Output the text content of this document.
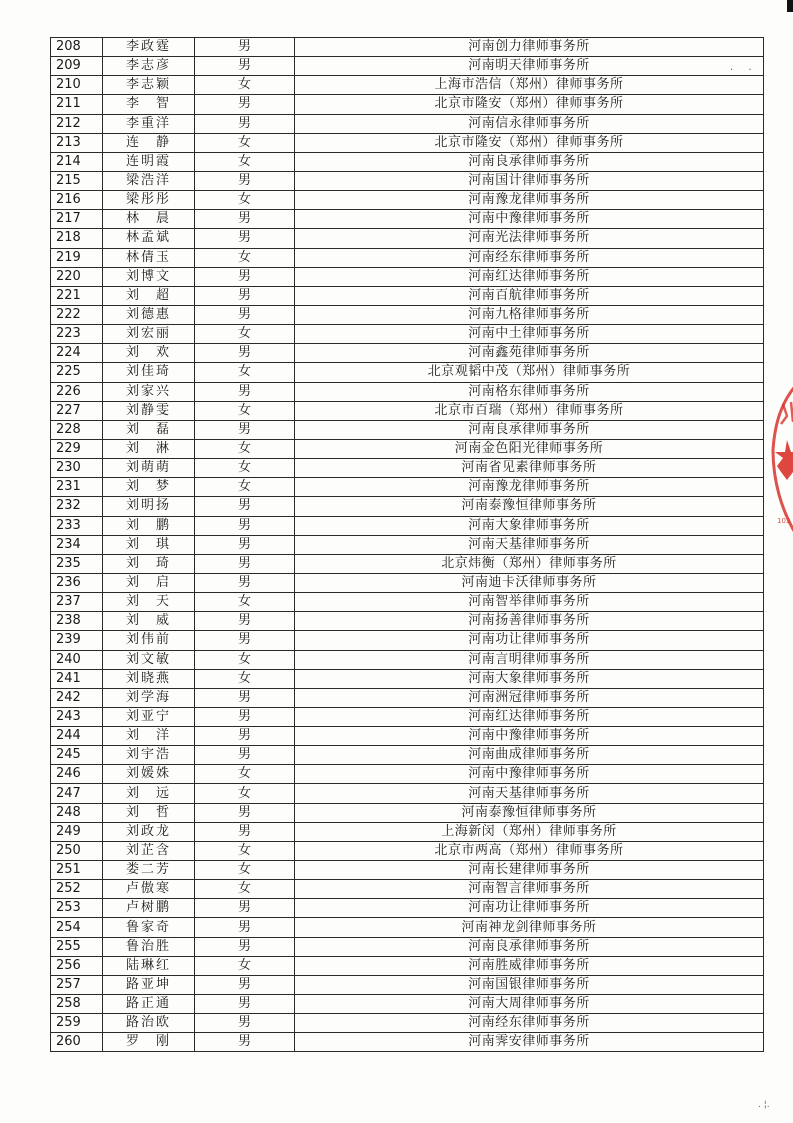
. .
208	李政霆	男	河南创力律师事务所
209	李志彦	男	河南明天律师事务所
210	李志颖	女	上海市浩信（郑州）律师事务所
211	李　智	男	北京市隆安（郑州）律师事务所
212	李重洋	男	河南信永律师事务所
213	连　静	女	北京市隆安（郑州）律师事务所
214	连明霞	女	河南良承律师事务所
215	梁浩洋	男	河南国计律师事务所
216	梁彤彤	女	河南豫龙律师事务所
217	林　晨	男	河南中豫律师事务所
218	林孟斌	男	河南光法律师事务所
219	林倩玉	女	河南经东律师事务所
220	刘博文	男	河南红达律师事务所
221	刘　超	男	河南百航律师事务所
222	刘德惠	男	河南九格律师事务所
223	刘宏丽	女	河南中土律师事务所
224	刘　欢	男	河南鑫苑律师事务所
225	刘佳琦	女	北京观韬中茂（郑州）律师事务所
226	刘家兴	男	河南格东律师事务所
227	刘静雯	女	北京市百瑞（郑州）律师事务所
228	刘　磊	男	河南良承律师事务所
229	刘　淋	女	河南金色阳光律师事务所
230	刘萌萌	女	河南省见素律师事务所
231	刘　梦	女	河南豫龙律师事务所
232	刘明扬	男	河南泰豫恒律师事务所
233	刘　鹏	男	河南大象律师事务所
234	刘　琪	男	河南天基律师事务所
235	刘　琦	男	北京炜衡（郑州）律师事务所
236	刘　启	男	河南迪卡沃律师事务所
237	刘　天	女	河南智举律师事务所
238	刘　威	男	河南扬善律师事务所
239	刘伟前	男	河南功让律师事务所
240	刘文敏	女	河南言明律师事务所
241	刘晓燕	女	河南大象律师事务所
242	刘学海	男	河南洲冠律师事务所
243	刘亚宁	男	河南红达律师事务所
244	刘　洋	男	河南中豫律师事务所
245	刘宇浩	男	河南曲成律师事务所
246	刘媛姝	女	河南中豫律师事务所
247	刘　远	女	河南天基律师事务所
248	刘　哲	男	河南泰豫恒律师事务所
249	刘政龙	男	上海新闵（郑州）律师事务所
250	刘芷含	女	北京市两高（郑州）律师事务所
251	娄二芳	女	河南长建律师事务所
252	卢傲寒	女	河南智言律师事务所
253	卢树鹏	男	河南功让律师事务所
254	鲁家奇	男	河南神龙剑律师事务所
255	鲁治胜	男	河南良承律师事务所
256	陆琳红	女	河南胜威律师事务所
257	路亚坤	男	河南国银律师事务所
258	路正通	男	河南大周律师事务所
259	路治欧	男	河南经东律师事务所
260	罗　刚	男	河南霁安律师事务所
103
. ¦.
